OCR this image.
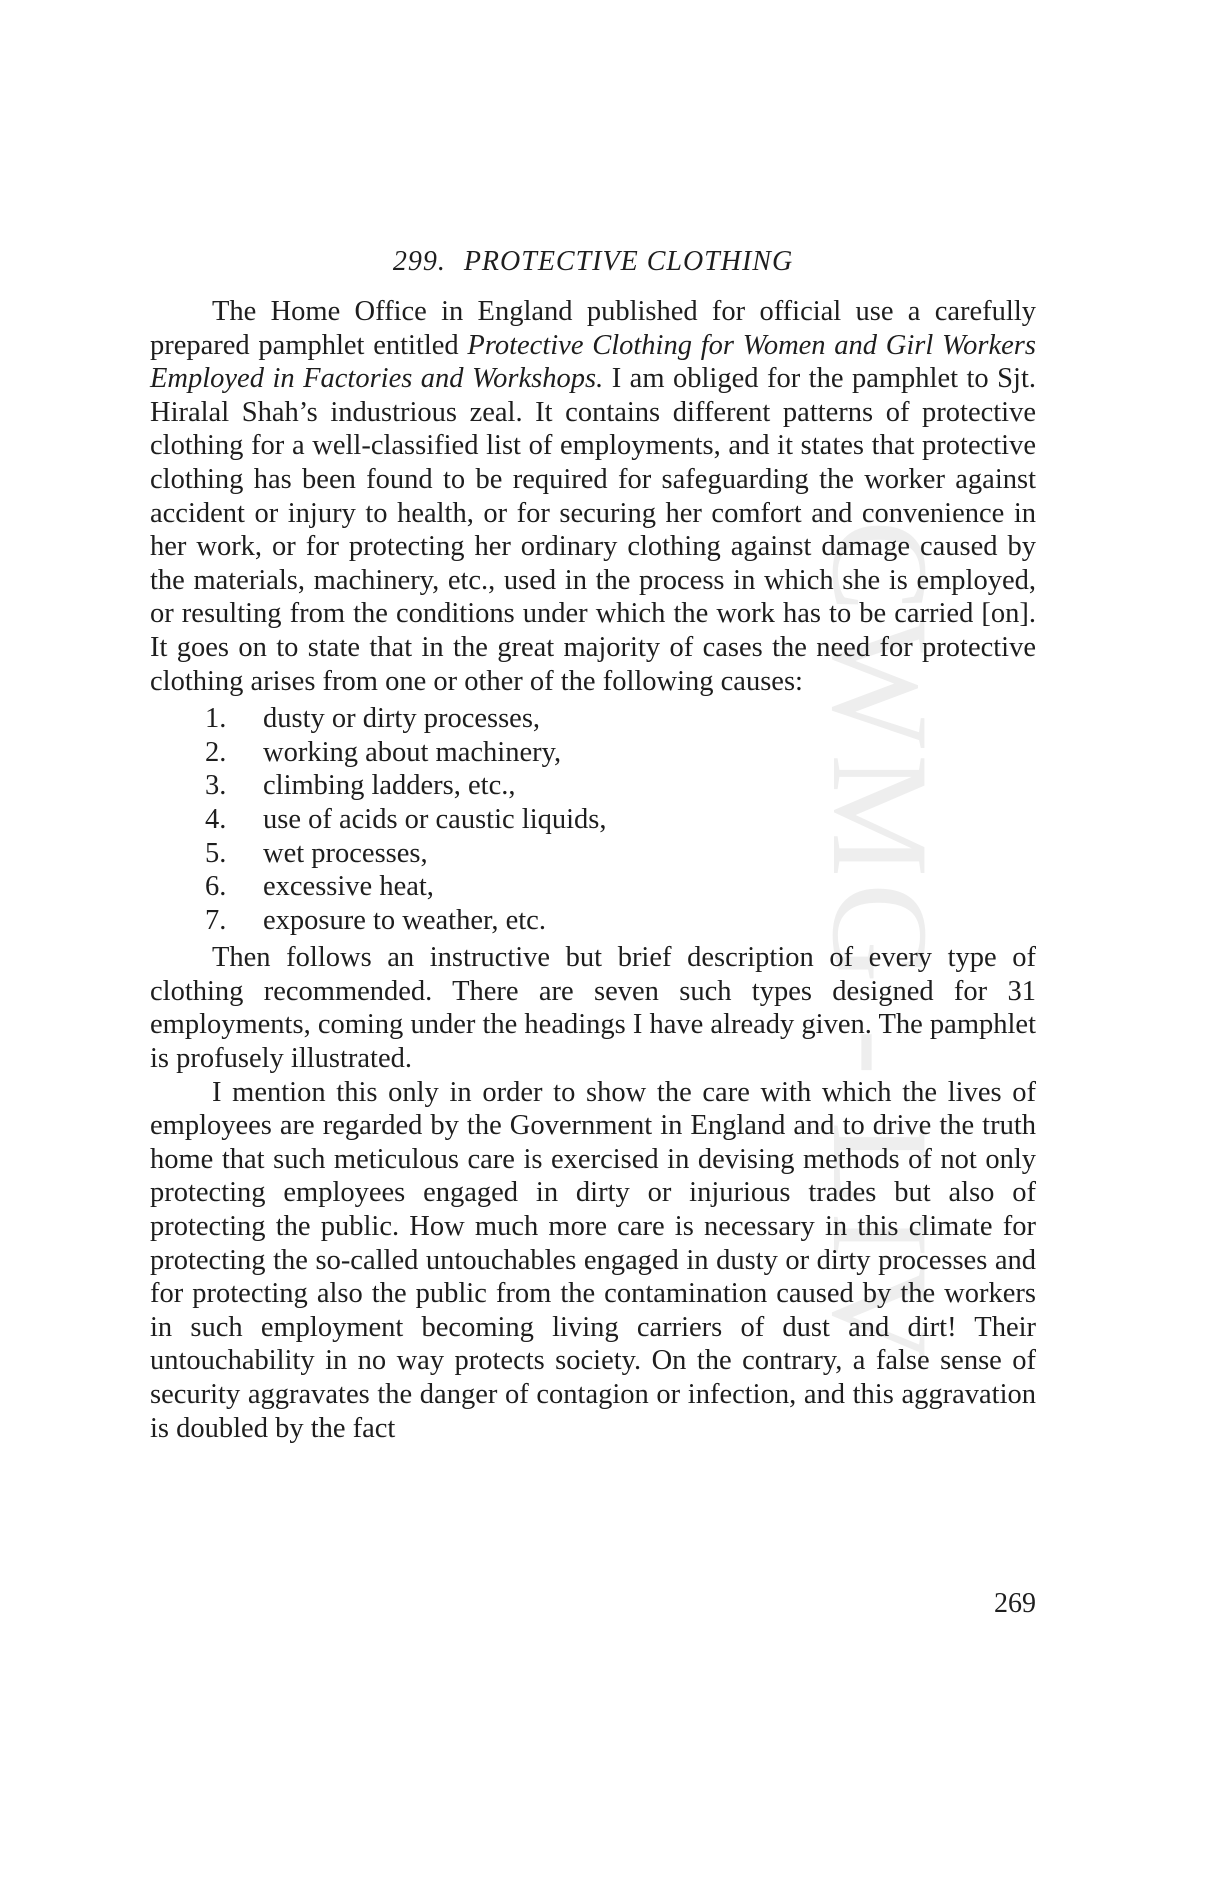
CWMG - LIV
299. PROTECTIVE CLOTHING

The Home Office in England published for official use a carefully prepared pamphlet entitled Protective Clothing for Women and Girl Workers Employed in Factories and Workshops. I am obliged for the pamphlet to Sjt. Hiralal Shah’s industrious zeal. It contains different patterns of protective clothing for a well-classified list of employments, and it states that protective clothing has been found to be required for safeguarding the worker against accident or injury to health, or for securing her comfort and convenience in her work, or for protecting her ordinary clothing against damage caused by the materials, machinery, etc., used in the process in which she is employed, or resulting from the conditions under which the work has to be carried [on]. It goes on to state that in the great majority of cases the need for protective clothing arises from one or other of the following causes:

1.	dusty or dirty processes,
2.	working about machinery,
3.	climbing ladders, etc.,
4.	use of acids or caustic liquids,
5.	wet processes,
6.	excessive heat,
7.	exposure to weather, etc.

Then follows an instructive but brief description of every type of clothing recommended. There are seven such types designed for 31 employments, coming under the headings I have already given. The pamphlet is profusely illustrated.

I mention this only in order to show the care with which the lives of employees are regarded by the Government in England and to drive the truth home that such meticulous care is exercised in devising methods of not only protecting employees engaged in dirty or injurious trades but also of protecting the public. How much more care is necessary in this climate for protecting the so-called untouchables engaged in dusty or dirty processes and for protecting also the public from the contamination caused by the workers in such employment becoming living carriers of dust and dirt! Their untouchability in no way protects society. On the contrary, a false sense of security aggravates the danger of contagion or infection, and this aggravation is doubled by the fact

269
